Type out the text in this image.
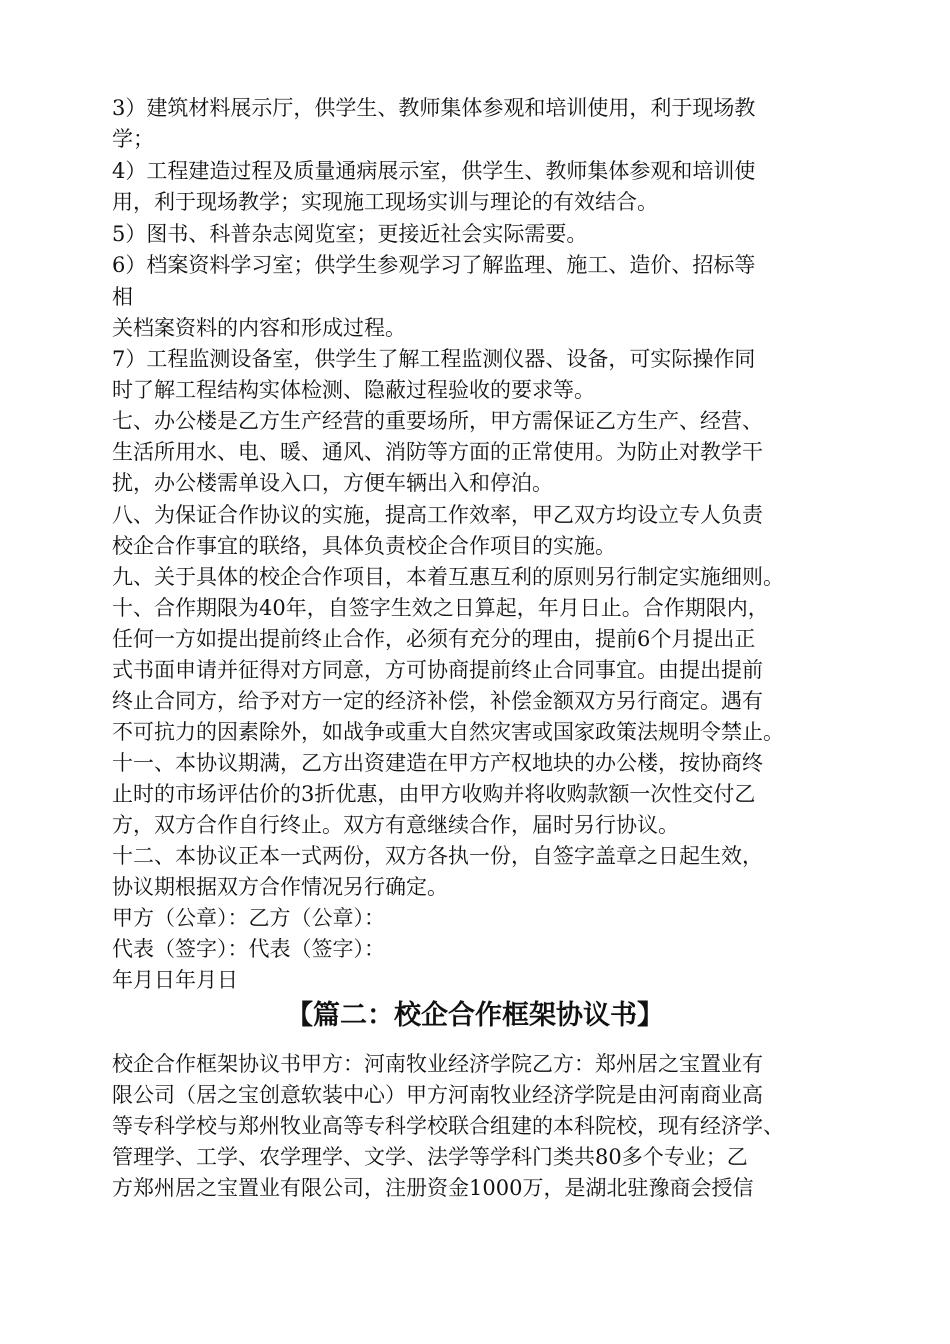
3）建筑材料展示厅，供学生、教师集体参观和培训使用，利于现场教
学；
4）工程建造过程及质量通病展示室，供学生、教师集体参观和培训使
用，利于现场教学；实现施工现场实训与理论的有效结合。
5）图书、科普杂志阅览室；更接近社会实际需要。
6）档案资料学习室；供学生参观学习了解监理、施工、造价、招标等
相
关档案资料的内容和形成过程。
7）工程监测设备室，供学生了解工程监测仪器、设备，可实际操作同
时了解工程结构实体检测、隐蔽过程验收的要求等。
七、办公楼是乙方生产经营的重要场所，甲方需保证乙方生产、经营、
生活所用水、电、暖、通风、消防等方面的正常使用。为防止对教学干
扰，办公楼需单设入口，方便车辆出入和停泊。
八、为保证合作协议的实施，提高工作效率，甲乙双方均设立专人负责
校企合作事宜的联络，具体负责校企合作项目的实施。
九、关于具体的校企合作项目，本着互惠互利的原则另行制定实施细则。
十、合作期限为40年，自签字生效之日算起，年月日止。合作期限内，
任何一方如提出提前终止合作，必须有充分的理由，提前6个月提出正
式书面申请并征得对方同意，方可协商提前终止合同事宜。由提出提前
终止合同方，给予对方一定的经济补偿，补偿金额双方另行商定。遇有
不可抗力的因素除外，如战争或重大自然灾害或国家政策法规明令禁止。
十一、本协议期满，乙方出资建造在甲方产权地块的办公楼，按协商终
止时的市场评估价的3折优惠，由甲方收购并将收购款额一次性交付乙
方，双方合作自行终止。双方有意继续合作，届时另行协议。
十二、本协议正本一式两份，双方各执一份，自签字盖章之日起生效，
协议期根据双方合作情况另行确定。
甲方（公章）：乙方（公章）：
代表（签字）：代表（签字）：
年月日年月日
【篇二：校企合作框架协议书】
校企合作框架协议书甲方：河南牧业经济学院乙方：郑州居之宝置业有
限公司（居之宝创意软装中心）甲方河南牧业经济学院是由河南商业高
等专科学校与郑州牧业高等专科学校联合组建的本科院校，现有经济学、
管理学、工学、农学理学、文学、法学等学科门类共80多个专业；乙
方郑州居之宝置业有限公司，注册资金1000万，是湖北驻豫商会授信
